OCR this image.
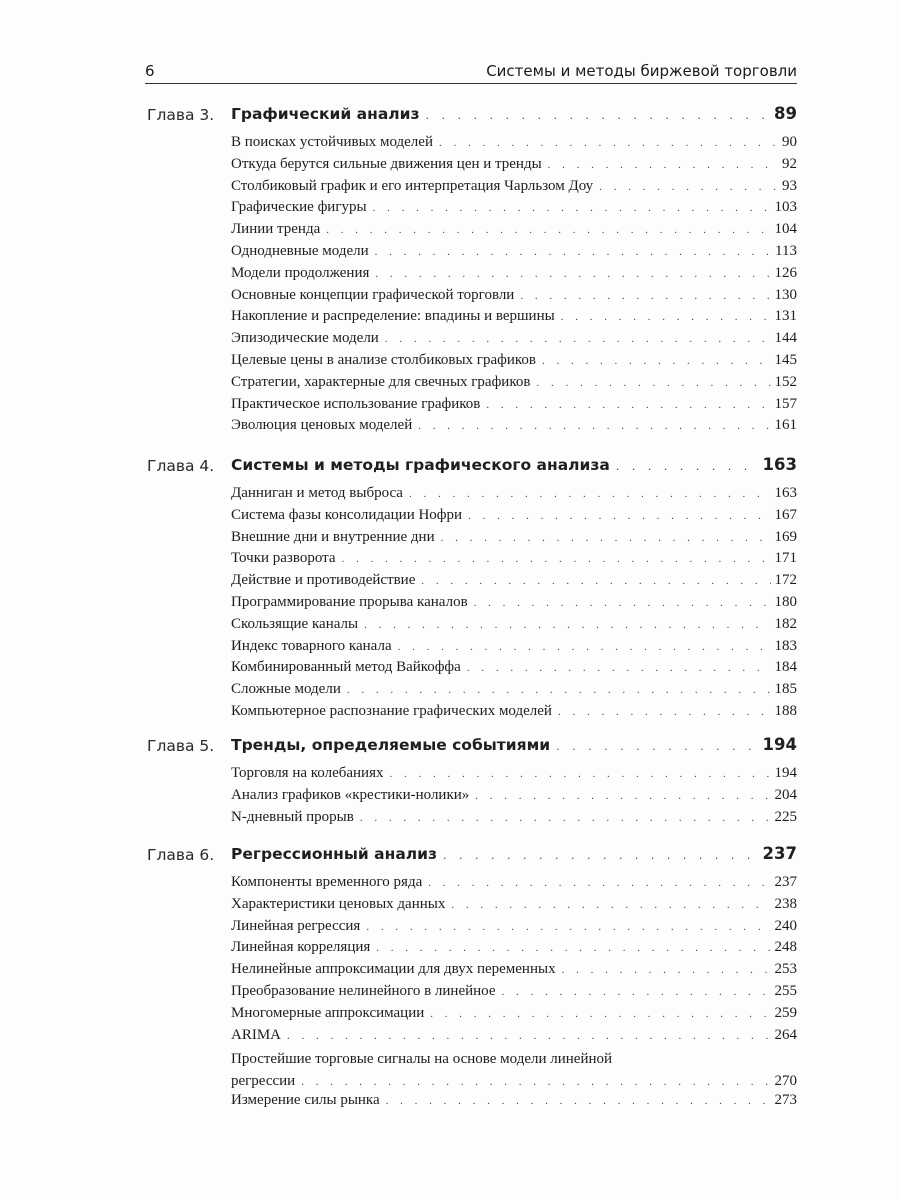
6	Системы и методы биржевой торговли
Глава 3. Графический анализ . . .	89
В поисках устойчивых моделей . . .	90
Откуда берутся сильные движения цен и тренды . . .	92
Столбиковый график и его интерпретация Чарльзом Доу . . .	93
Графические фигуры . . .	103
Линии тренда . . .	104
Однодневные модели . . .	113
Модели продолжения . . .	126
Основные концепции графической торговли . . .	130
Накопление и распределение: впадины и вершины . . .	131
Эпизодические модели . . .	144
Целевые цены в анализе столбиковых графиков . . .	145
Стратегии, характерные для свечных графиков . . .	152
Практическое использование графиков . . .	157
Эволюция ценовых моделей . . .	161
Глава 4. Системы и методы графического анализа . . .	163
Данниган и метод выброса . . .	163
Система фазы консолидации Нофри . . .	167
Внешние дни и внутренние дни . . .	169
Точки разворота . . .	171
Действие и противодействие . . .	172
Программирование прорыва каналов . . .	180
Скользящие каналы . . .	182
Индекс товарного канала . . .	183
Комбинированный метод Вайкоффа . . .	184
Сложные модели . . .	185
Компьютерное распознание графических моделей . . .	188
Глава 5. Тренды, определяемые событиями . . .	194
Торговля на колебаниях . . .	194
Анализ графиков «крестики-нолики» . . .	204
N-дневный прорыв . . .	225
Глава 6. Регрессионный анализ . . .	237
Компоненты временного ряда . . .	237
Характеристики ценовых данных . . .	238
Линейная регрессия . . .	240
Линейная корреляция . . .	248
Нелинейные аппроксимации для двух переменных . . .	253
Преобразование нелинейного в линейное . . .	255
Многомерные аппроксимации . . .	259
ARIMA . . .	264
Простейшие торговые сигналы на основе модели линейной
регрессии . . .	270
Измерение силы рынка . . .	273
